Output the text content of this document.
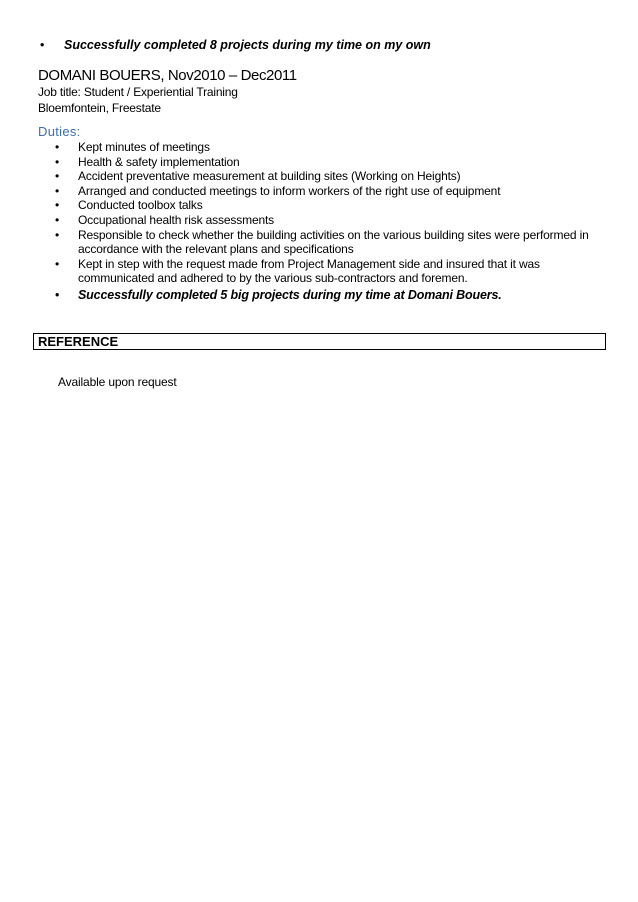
•	Successfully completed 8 projects during my time on my own
DOMANI BOUERS, Nov2010 – Dec2011
Job title: Student / Experiential Training
Bloemfontein, Freestate
Duties:
•	Kept minutes of meetings
•	Health & safety implementation
•	Accident preventative measurement at building sites (Working on Heights)
•	Arranged and conducted meetings to inform workers of the right use of equipment
•	Conducted toolbox talks
•	Occupational health risk assessments
•	Responsible to check whether the building activities on the various building sites were performed in accordance with the relevant plans and specifications
•	Kept in step with the request made from Project Management side and insured that it was communicated and adhered to by the various sub-contractors and foremen.
•	Successfully completed 5 big projects during my time at Domani Bouers.
REFERENCE
Available upon request
